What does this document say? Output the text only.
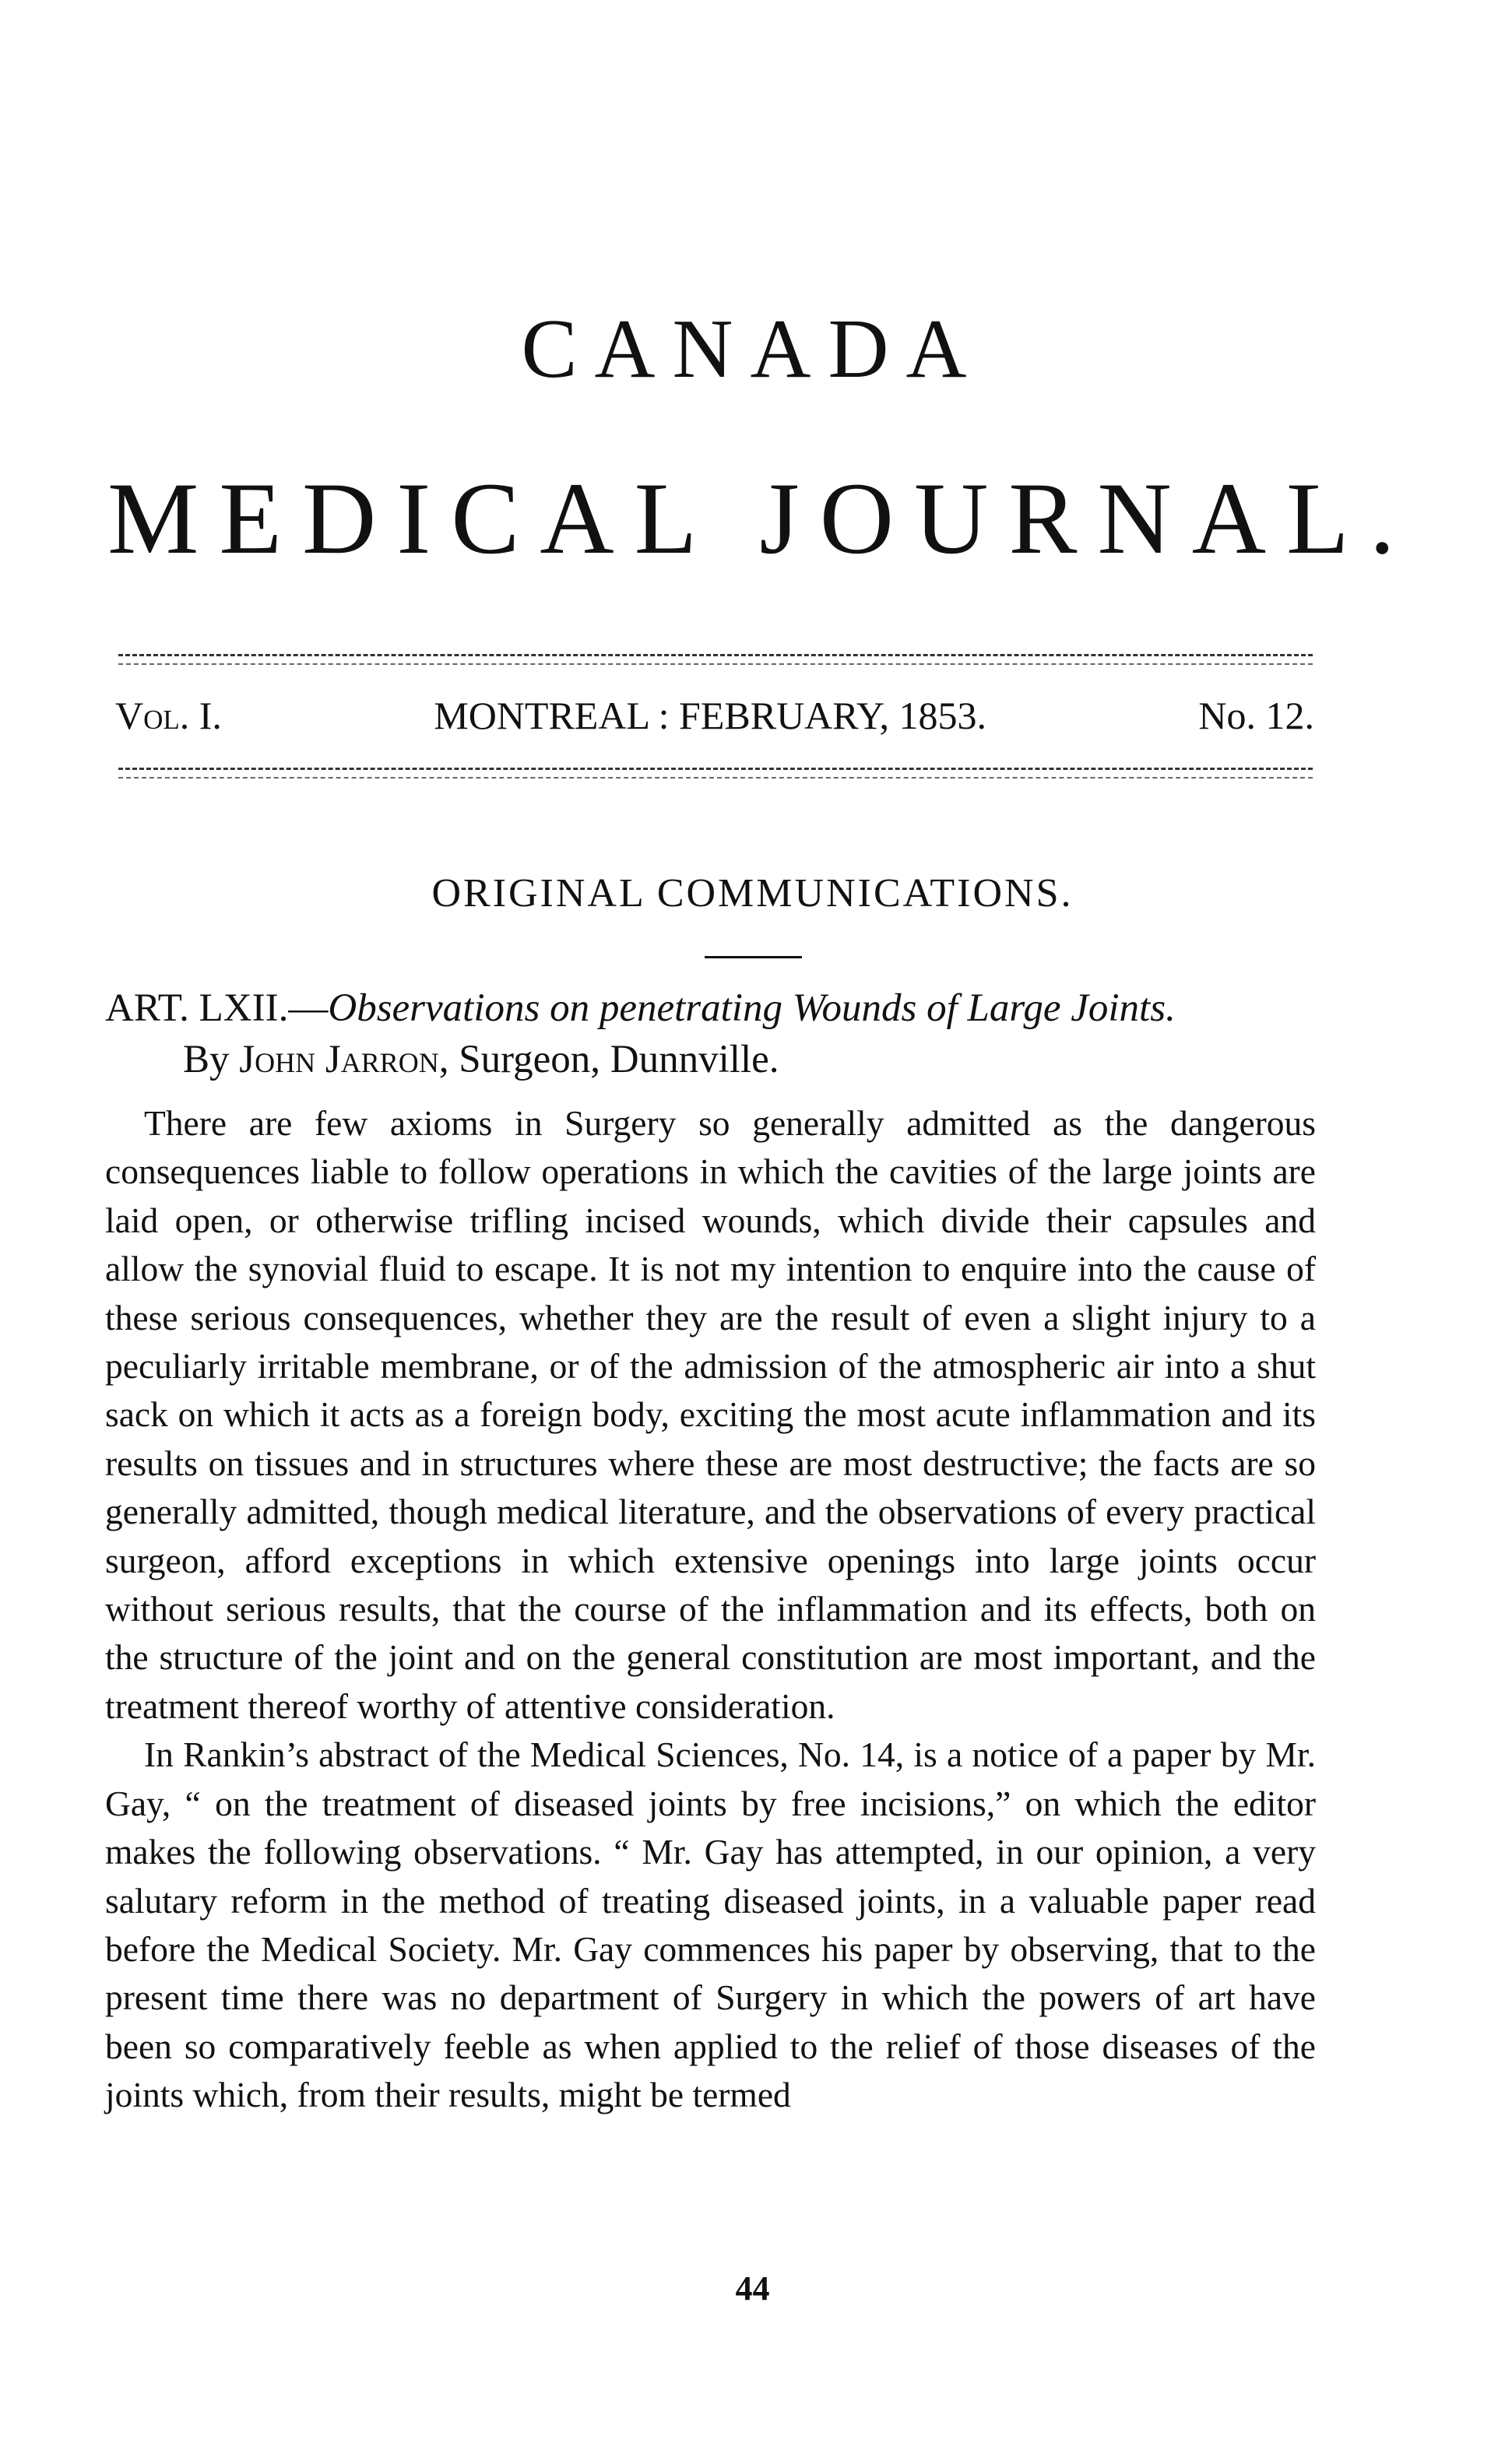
CANADA
MEDICAL JOURNAL.
Vol. I.	MONTREAL : FEBRUARY, 1853.	No. 12.
ORIGINAL COMMUNICATIONS.
ART. LXII.—Observations on penetrating Wounds of Large Joints.
By John Jarron, Surgeon, Dunnville.

There are few axioms in Surgery so generally admitted as the dangerous consequences liable to follow operations in which the cavities of the large joints are laid open, or otherwise trifling incised wounds, which divide their capsules and allow the synovial fluid to escape. It is not my intention to enquire into the cause of these serious consequences, whether they are the result of even a slight injury to a peculiarly irritable membrane, or of the admission of the atmospheric air into a shut sack on which it acts as a foreign body, exciting the most acute inflammation and its results on tissues and in structures where these are most destructive; the facts are so generally admitted, though medical literature, and the observations of every practical surgeon, afford exceptions in which extensive openings into large joints occur without serious results, that the course of the inflammation and its effects, both on the structure of the joint and on the general constitution are most important, and the treatment thereof worthy of attentive consideration.

In Rankin’s abstract of the Medical Sciences, No. 14, is a notice of a paper by Mr. Gay, “ on the treatment of diseased joints by free incisions,” on which the editor makes the following observations. “ Mr. Gay has attempted, in our opinion, a very salutary reform in the method of treating diseased joints, in a valuable paper read before the Medical Society. Mr. Gay commences his paper by observing, that to the present time there was no department of Surgery in which the powers of art have been so comparatively feeble as when applied to the relief of those diseases of the joints which, from their results, might be termed

44
